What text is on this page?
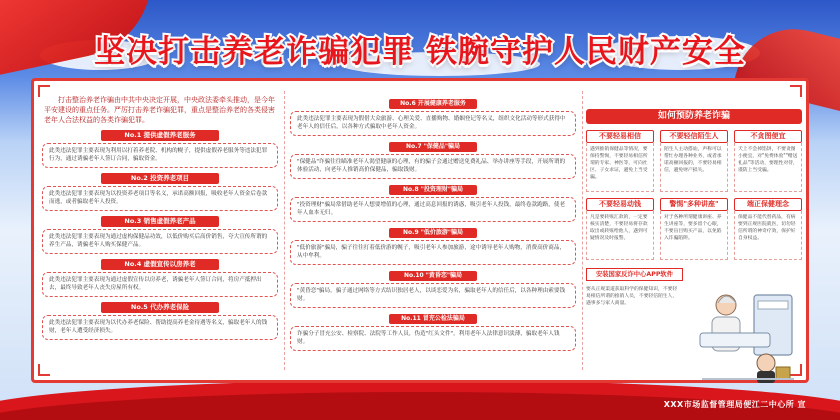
坚决打击养老诈骗犯罪 铁腕守护人民财产安全
打击整治养老诈骗由中共中央决定开展，中央政法委牵头推动，是今年平安建设的重点任务。严厉打击养老诈骗犯罪，重点是整治养老的各类侵害老年人合法权益的各类诈骗犯罪。
No.1 提供虚假养老服务
此类违法犯罪主要表现为利用以打着养老院、机构的幌子，提供虚假养老服务等违法犯罪行为，通过诱骗老年人签订合同，骗取资金。
No.2 投资养老项目
此类违法犯罪主要表现为以投资养老项目等名义，承诺高额回报，吸收老年人资金后卷款而逃，或者骗取老年人投资。
No.3 销售虚假养老产品
此类违法犯罪主要表现为通过虚构保健品功效，以低价购买后高价销售，夸大宣传所谓的养生产品，诱骗老年人购买保健产品。
No.4 虚假宣传以房养老
此类违法犯罪主要表现为通过虚假宣传以房养老，诱骗老年人签订合同，将房产抵押出去，最终导致老年人丧失房屋所有权。
No.5 代办养老保险
此类违法犯罪主要表现为以代办养老保险、帮助提高养老金待遇等名义，骗取老年人的钱财，老年人遭受经济损失。
No.6 开展健康养老服务
此类违法犯罪主要表现为假借大众旅游、心理关爱、直播购物、婚姻登记等名义，组织文化活动等形式获得中老年人的信任后，以各种方式骗取中老年人资金。
No.7 "保健品"骗局
"保健品"诈骗往往瞄准老年人渴望健康的心理，有的骗子会通过赠送免费礼品、举办讲座等手段，开展所谓的体验活动，向老年人推销高价保健品，骗取钱财。
No.8 "投资理财"骗局
"投资理财"骗局常借助老年人想要增值的心理，通过高息回报的诱惑，吸引老年人投钱，最终卷款跑路，使老年人血本无归。
No.9 "低价旅游"骗局
"低价旅游"骗局，骗子往往打着低价游的幌子，吸引老年人参加旅游，途中诱导老年人购物，消费高价商品，从中牟利。
No.10 "黄昏恋"骗局
"黄昏恋"骗局，骗子通过网络等方式结识独居老人，以谈恋爱为名，骗取老年人的信任后，以各种理由索要钱财。
No.11 冒充公检法骗局
诈骗分子冒充公安、检察院、法院等工作人员，伪造"红头文件"，利用老年人法律意识淡薄，骗取老年人钱财。
如何预防养老诈骗
不要轻易相信
遇到推销保健品等情况，要保持警惕，不要轻易相信所谓的专家、神医等，可向社区、子女求证，避免上当受骗。
不要轻信陌生人
陌生人主动搭讪，声称可以帮忙办理各种业务，或者承诺高额回报的，不要轻易相信，避免财产损失。
不贪图便宜
天上不会掉馅饼，不要贪图小便宜，对"免费体验""赠送礼品"等活动，要理性对待，谨防上当受骗。
不要轻易动钱
凡是要转账汇款的，一定要核实清楚，不要轻易将存款取出或转账给他人，遇到可疑情况及时报警。
警惕"多种讲座"
对于各种所谓健康讲座、养生讲座等，要多留个心眼，不要盲目购买产品，以免陷入诈骗陷阱。
端正保健理念
保健品不能代替药品，有病要到正规医院就医，切勿轻信所谓的神奇疗效，保护好自身权益。
安装国家反诈中心APP软件
要从正规渠道获取科学的保健知识，不要轻易相信所谓的推销人员，不要轻信陌生人，遇事多与家人商量。
XXX市场监督管理局便江二中心所 宣
